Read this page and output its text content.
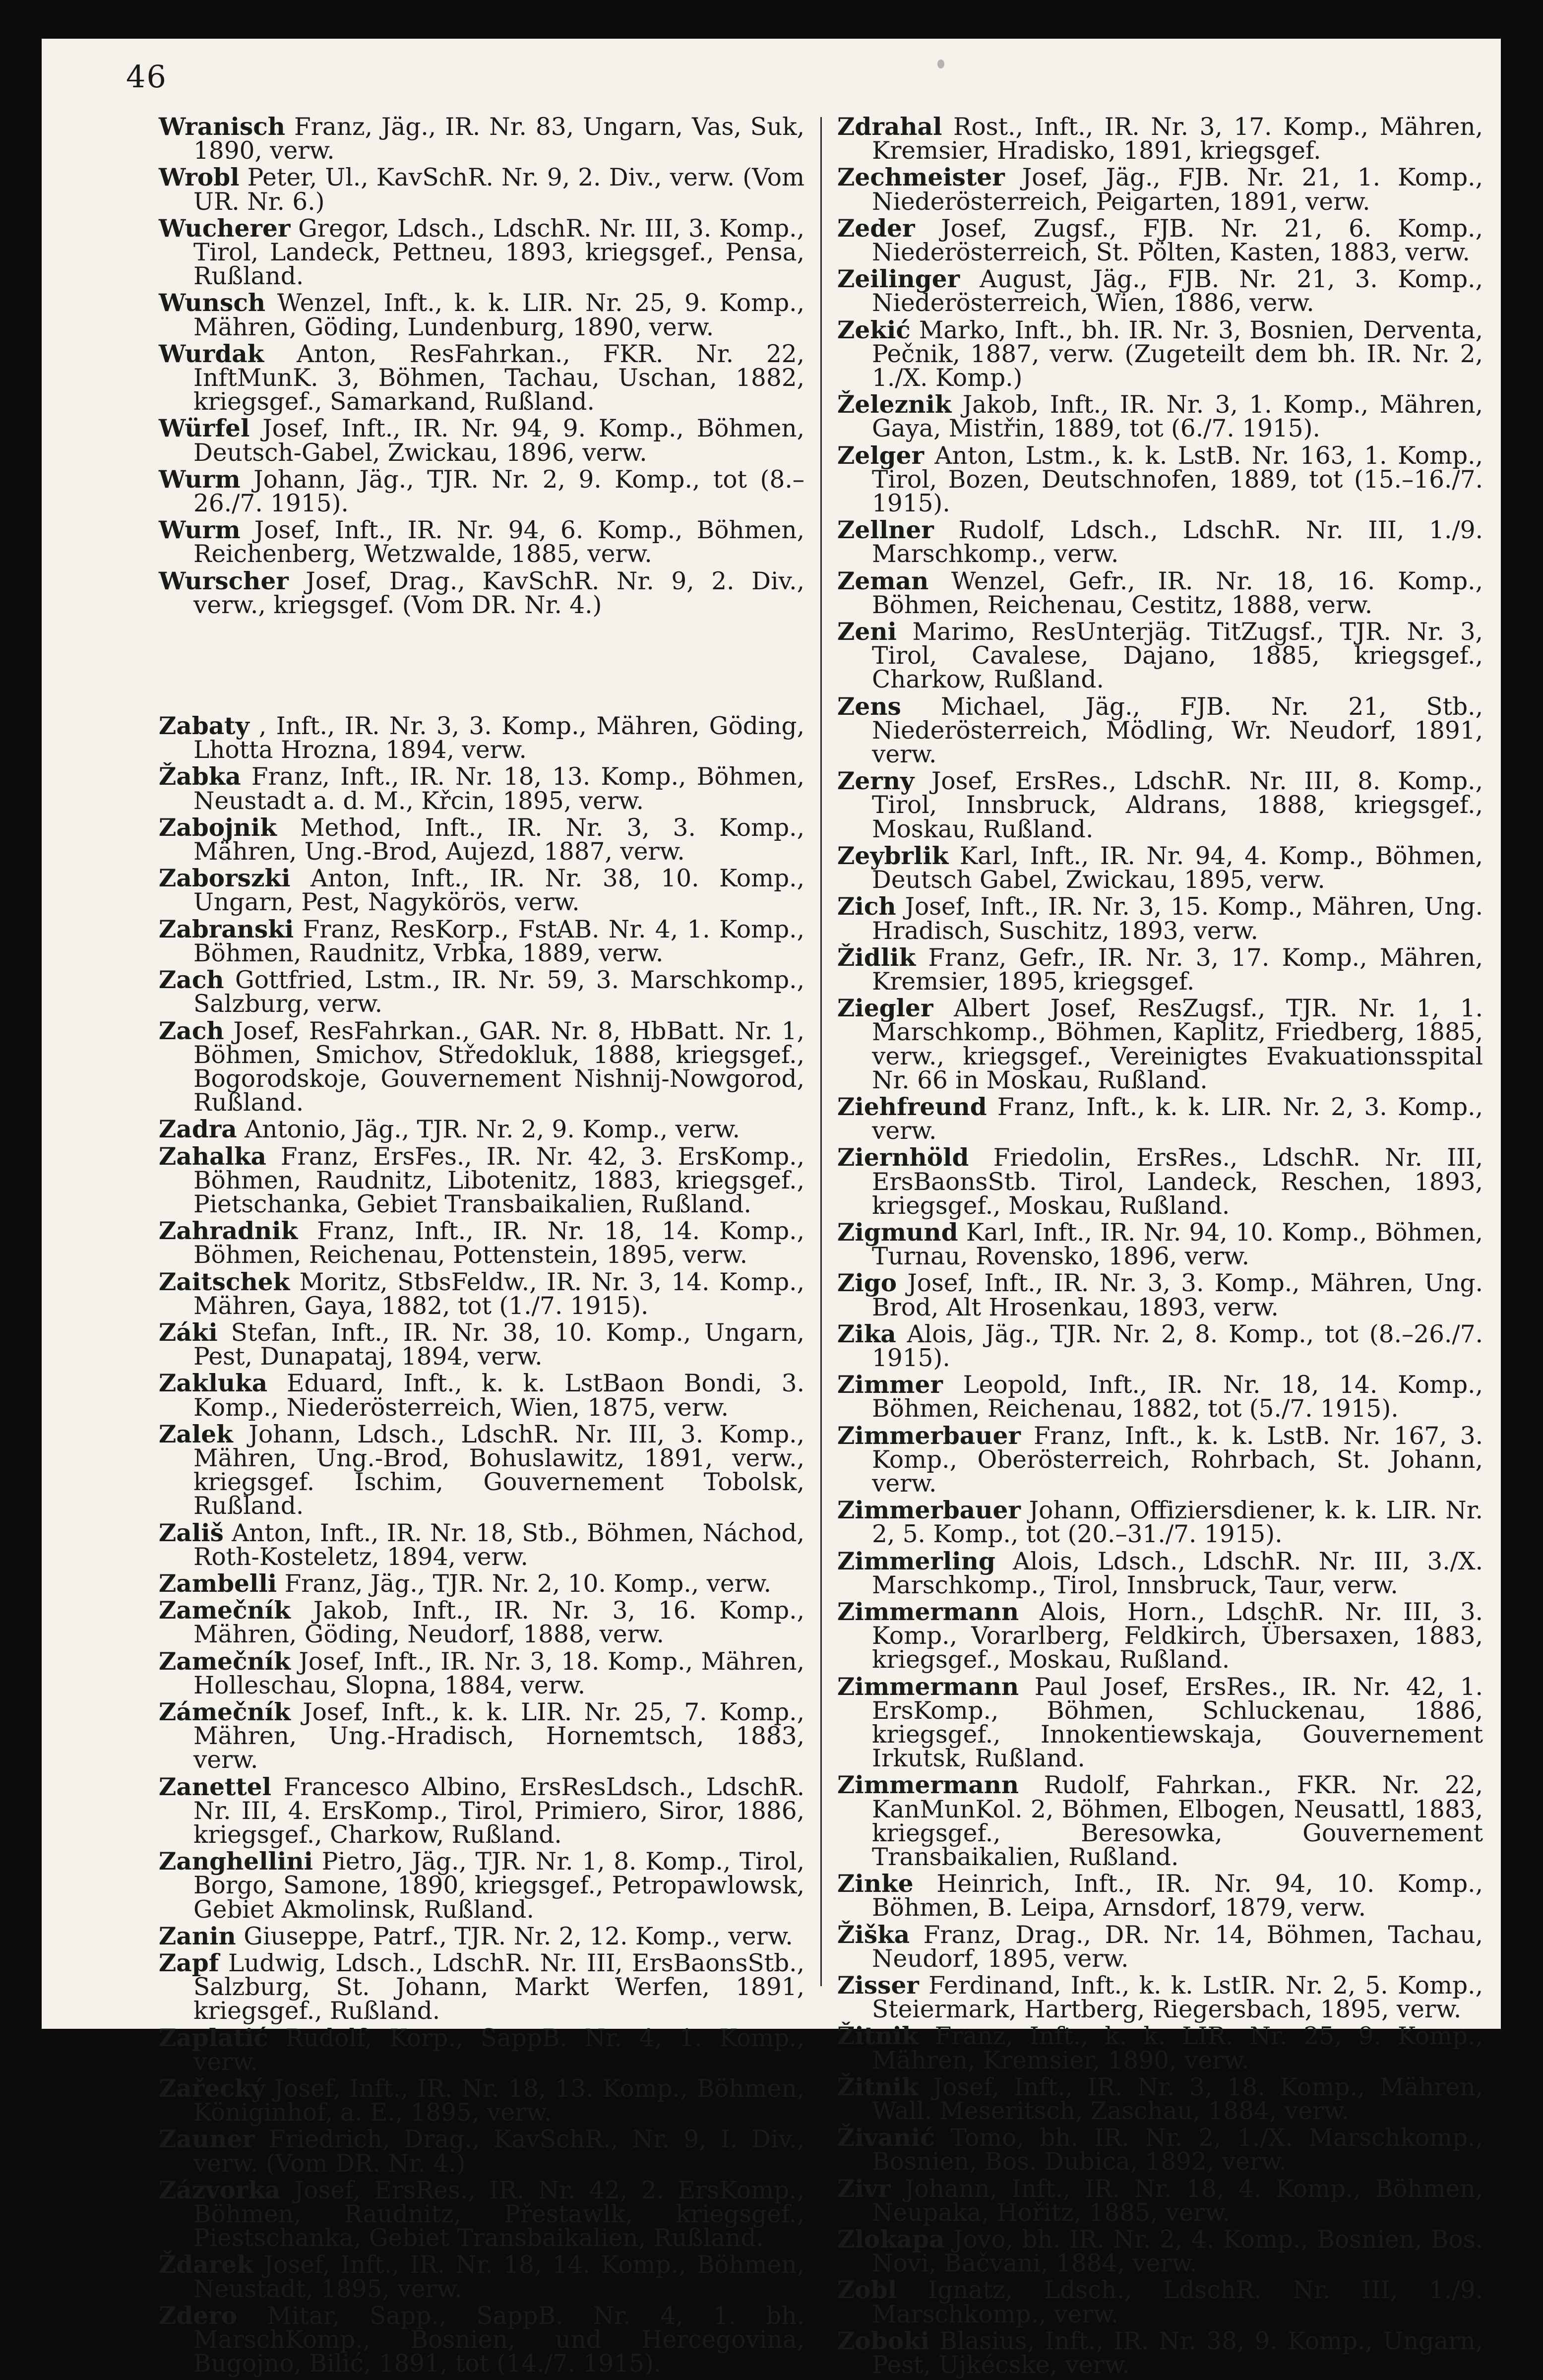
46
Wranisch Franz, Jäg., IR. Nr. 83, Ungarn, Vas, Suk, 1890, verw.
Wrobl Peter, Ul., KavSchR. Nr. 9, 2. Div., verw. (Vom UR. Nr. 6.)
Wucherer Gregor, Ldsch., LdschR. Nr. III, 3. Komp., Tirol, Landeck, Pettneu, 1893, kriegsgef., Pensa, Rußland.
Wunsch Wenzel, Inft., k. k. LIR. Nr. 25, 9. Komp., Mähren, Göding, Lundenburg, 1890, verw.
Wurdak Anton, ResFahrkan., FKR. Nr. 22, InftMunK. 3, Böhmen, Tachau, Uschan, 1882, kriegsgef., Samarkand, Rußland.
Würfel Josef, Inft., IR. Nr. 94, 9. Komp., Böhmen, Deutsch-Gabel, Zwickau, 1896, verw.
Wurm Johann, Jäg., TJR. Nr. 2, 9. Komp., tot (8.–26./7. 1915).
Wurm Josef, Inft., IR. Nr. 94, 6. Komp., Böhmen, Reichenberg, Wetzwalde, 1885, verw.
Wurscher Josef, Drag., KavSchR. Nr. 9, 2. Div., verw., kriegsgef. (Vom DR. Nr. 4.)
Zabaty , Inft., IR. Nr. 3, 3. Komp., Mähren, Göding, Lhotta Hrozna, 1894, verw.
Žabka Franz, Inft., IR. Nr. 18, 13. Komp., Böhmen, Neustadt a. d. M., Křcin, 1895, verw.
Zabojnik Method, Inft., IR. Nr. 3, 3. Komp., Mähren, Ung.-Brod, Aujezd, 1887, verw.
Zaborszki Anton, Inft., IR. Nr. 38, 10. Komp., Ungarn, Pest, Nagykörös, verw.
Zabranski Franz, ResKorp., FstAB. Nr. 4, 1. Komp., Böhmen, Raudnitz, Vrbka, 1889, verw.
Zach Gottfried, Lstm., IR. Nr. 59, 3. Marschkomp., Salzburg, verw.
Zach Josef, ResFahrkan., GAR. Nr. 8, HbBatt. Nr. 1, Böhmen, Smichov, Středokluk, 1888, kriegsgef., Bogorodskoje, Gouvernement Nishnij-Nowgorod, Rußland.
Zadra Antonio, Jäg., TJR. Nr. 2, 9. Komp., verw.
Zahalka Franz, ErsFes., IR. Nr. 42, 3. ErsKomp., Böhmen, Raudnitz, Libotenitz, 1883, kriegsgef., Pietschanka, Gebiet Transbaikalien, Rußland.
Zahradnik Franz, Inft., IR. Nr. 18, 14. Komp., Böhmen, Reichenau, Pottenstein, 1895, verw.
Zaitschek Moritz, StbsFeldw., IR. Nr. 3, 14. Komp., Mähren, Gaya, 1882, tot (1./7. 1915).
Záki Stefan, Inft., IR. Nr. 38, 10. Komp., Ungarn, Pest, Dunapataj, 1894, verw.
Zakluka Eduard, Inft., k. k. LstBaon Bondi, 3. Komp., Niederösterreich, Wien, 1875, verw.
Zalek Johann, Ldsch., LdschR. Nr. III, 3. Komp., Mähren, Ung.-Brod, Bohuslawitz, 1891, verw., kriegsgef. Ischim, Gouvernement Tobolsk, Rußland.
Zališ Anton, Inft., IR. Nr. 18, Stb., Böhmen, Náchod, Roth-Kosteletz, 1894, verw.
Zambelli Franz, Jäg., TJR. Nr. 2, 10. Komp., verw.
Zamečník Jakob, Inft., IR. Nr. 3, 16. Komp., Mähren, Göding, Neudorf, 1888, verw.
Zamečník Josef, Inft., IR. Nr. 3, 18. Komp., Mähren, Holleschau, Slopna, 1884, verw.
Zámečník Josef, Inft., k. k. LIR. Nr. 25, 7. Komp., Mähren, Ung.-Hradisch, Hornemtsch, 1883, verw.
Zanettel Francesco Albino, ErsResLdsch., LdschR. Nr. III, 4. ErsKomp., Tirol, Primiero, Siror, 1886, kriegsgef., Charkow, Rußland.
Zanghellini Pietro, Jäg., TJR. Nr. 1, 8. Komp., Tirol, Borgo, Samone, 1890, kriegsgef., Petropawlowsk, Gebiet Akmolinsk, Rußland.
Zanin Giuseppe, Patrf., TJR. Nr. 2, 12. Komp., verw.
Zapf Ludwig, Ldsch., LdschR. Nr. III, ErsBaonsStb., Salzburg, St. Johann, Markt Werfen, 1891, kriegsgef., Rußland.
Zaplatić Rudolf, Korp., SappB. Nr. 4, 1. Komp., verw.
Zařecký Josef, Inft., IR. Nr. 18, 13. Komp., Böhmen, Königinhof, a. E., 1895, verw.
Zauner Friedrich, Drag., KavSchR., Nr. 9, I. Div., verw. (Vom DR. Nr. 4.)
Zázvorka Josef, ErsRes., IR. Nr. 42, 2. ErsKomp., Böhmen, Raudnitz, Přestawlk, kriegsgef., Piestschanka, Gebiet Transbaikalien, Rußland.
Ždarek Josef, Inft., IR. Nr. 18, 14. Komp., Böhmen, Neustadt, 1895, verw.
Zdero Mitar, Sapp., SappB. Nr. 4, 1. bh. MarschKomp., Bosnien, und Hercegovina, Bugojno, Bilić, 1891, tot (14./7. 1915).
Zdrahal Rost., Inft., IR. Nr. 3, 17. Komp., Mähren, Kremsier, Hradisko, 1891, kriegsgef.
Zechmeister Josef, Jäg., FJB. Nr. 21, 1. Komp., Niederösterreich, Peigarten, 1891, verw.
Zeder Josef, Zugsf., FJB. Nr. 21, 6. Komp., Niederösterreich, St. Pölten, Kasten, 1883, verw.
Zeilinger August, Jäg., FJB. Nr. 21, 3. Komp., Niederösterreich, Wien, 1886, verw.
Zekić Marko, Inft., bh. IR. Nr. 3, Bosnien, Derventa, Pečnik, 1887, verw. (Zugeteilt dem bh. IR. Nr. 2, 1./X. Komp.)
Železnik Jakob, Inft., IR. Nr. 3, 1. Komp., Mähren, Gaya, Mistřin, 1889, tot (6./7. 1915).
Zelger Anton, Lstm., k. k. LstB. Nr. 163, 1. Komp., Tirol, Bozen, Deutschnofen, 1889, tot (15.–16./7. 1915).
Zellner Rudolf, Ldsch., LdschR. Nr. III, 1./9. Marschkomp., verw.
Zeman Wenzel, Gefr., IR. Nr. 18, 16. Komp., Böhmen, Reichenau, Cestitz, 1888, verw.
Zeni Marimo, ResUnterjäg. TitZugsf., TJR. Nr. 3, Tirol, Cavalese, Dajano, 1885, kriegsgef., Charkow, Rußland.
Zens Michael, Jäg., FJB. Nr. 21, Stb., Niederösterreich, Mödling, Wr. Neudorf, 1891, verw.
Zerny Josef, ErsRes., LdschR. Nr. III, 8. Komp., Tirol, Innsbruck, Aldrans, 1888, kriegsgef., Moskau, Rußland.
Zeybrlik Karl, Inft., IR. Nr. 94, 4. Komp., Böhmen, Deutsch Gabel, Zwickau, 1895, verw.
Zich Josef, Inft., IR. Nr. 3, 15. Komp., Mähren, Ung. Hradisch, Suschitz, 1893, verw.
Židlik Franz, Gefr., IR. Nr. 3, 17. Komp., Mähren, Kremsier, 1895, kriegsgef.
Ziegler Albert Josef, ResZugsf., TJR. Nr. 1, 1. Marschkomp., Böhmen, Kaplitz, Friedberg, 1885, verw., kriegsgef., Vereinigtes Evakuationsspital Nr. 66 in Moskau, Rußland.
Ziehfreund Franz, Inft., k. k. LIR. Nr. 2, 3. Komp., verw.
Ziernhöld Friedolin, ErsRes., LdschR. Nr. III, ErsBaonsStb. Tirol, Landeck, Reschen, 1893, kriegsgef., Moskau, Rußland.
Zigmund Karl, Inft., IR. Nr. 94, 10. Komp., Böhmen, Turnau, Rovensko, 1896, verw.
Zigo Josef, Inft., IR. Nr. 3, 3. Komp., Mähren, Ung. Brod, Alt Hrosenkau, 1893, verw.
Zika Alois, Jäg., TJR. Nr. 2, 8. Komp., tot (8.–26./7. 1915).
Zimmer Leopold, Inft., IR. Nr. 18, 14. Komp., Böhmen, Reichenau, 1882, tot (5./7. 1915).
Zimmerbauer Franz, Inft., k. k. LstB. Nr. 167, 3. Komp., Oberösterreich, Rohrbach, St. Johann, verw.
Zimmerbauer Johann, Offiziersdiener, k. k. LIR. Nr. 2, 5. Komp., tot (20.–31./7. 1915).
Zimmerling Alois, Ldsch., LdschR. Nr. III, 3./X. Marschkomp., Tirol, Innsbruck, Taur, verw.
Zimmermann Alois, Horn., LdschR. Nr. III, 3. Komp., Vorarlberg, Feldkirch, Übersaxen, 1883, kriegsgef., Moskau, Rußland.
Zimmermann Paul Josef, ErsRes., IR. Nr. 42, 1. ErsKomp., Böhmen, Schluckenau, 1886, kriegsgef., Innokentiewskaja, Gouvernement Irkutsk, Rußland.
Zimmermann Rudolf, Fahrkan., FKR. Nr. 22, KanMunKol. 2, Böhmen, Elbogen, Neusattl, 1883, kriegsgef., Beresowka, Gouvernement Transbaikalien, Rußland.
Zinke Heinrich, Inft., IR. Nr. 94, 10. Komp., Böhmen, B. Leipa, Arnsdorf, 1879, verw.
Žiška Franz, Drag., DR. Nr. 14, Böhmen, Tachau, Neudorf, 1895, verw.
Zisser Ferdinand, Inft., k. k. LstIR. Nr. 2, 5. Komp., Steiermark, Hartberg, Riegersbach, 1895, verw.
Žitnik Franz, Inft., k. k. LIR. Nr. 25, 9. Komp., Mähren, Kremsier, 1890, verw.
Žitnik Josef, Inft., IR. Nr. 3, 18. Komp., Mähren, Wall. Meseritsch, Zaschau, 1884, verw.
Živanić Tomo, bh. IR. Nr. 2, 1./X. Marschkomp., Bosnien, Bos. Dubica, 1892, verw.
Zivr Johann, Inft., IR. Nr. 18, 4. Komp., Böhmen, Neupaka, Hořitz, 1885, verw.
Zlokapa Jovo, bh. IR. Nr. 2, 4. Komp., Bosnien, Bos. Novi, Bačvani, 1884, verw.
Zobl Ignatz, Ldsch., LdschR. Nr. III, 1./9. Marschkomp., verw.
Zoboki Blasius, Inft., IR. Nr. 38, 9. Komp., Ungarn, Pest, Ujkécske, verw.
